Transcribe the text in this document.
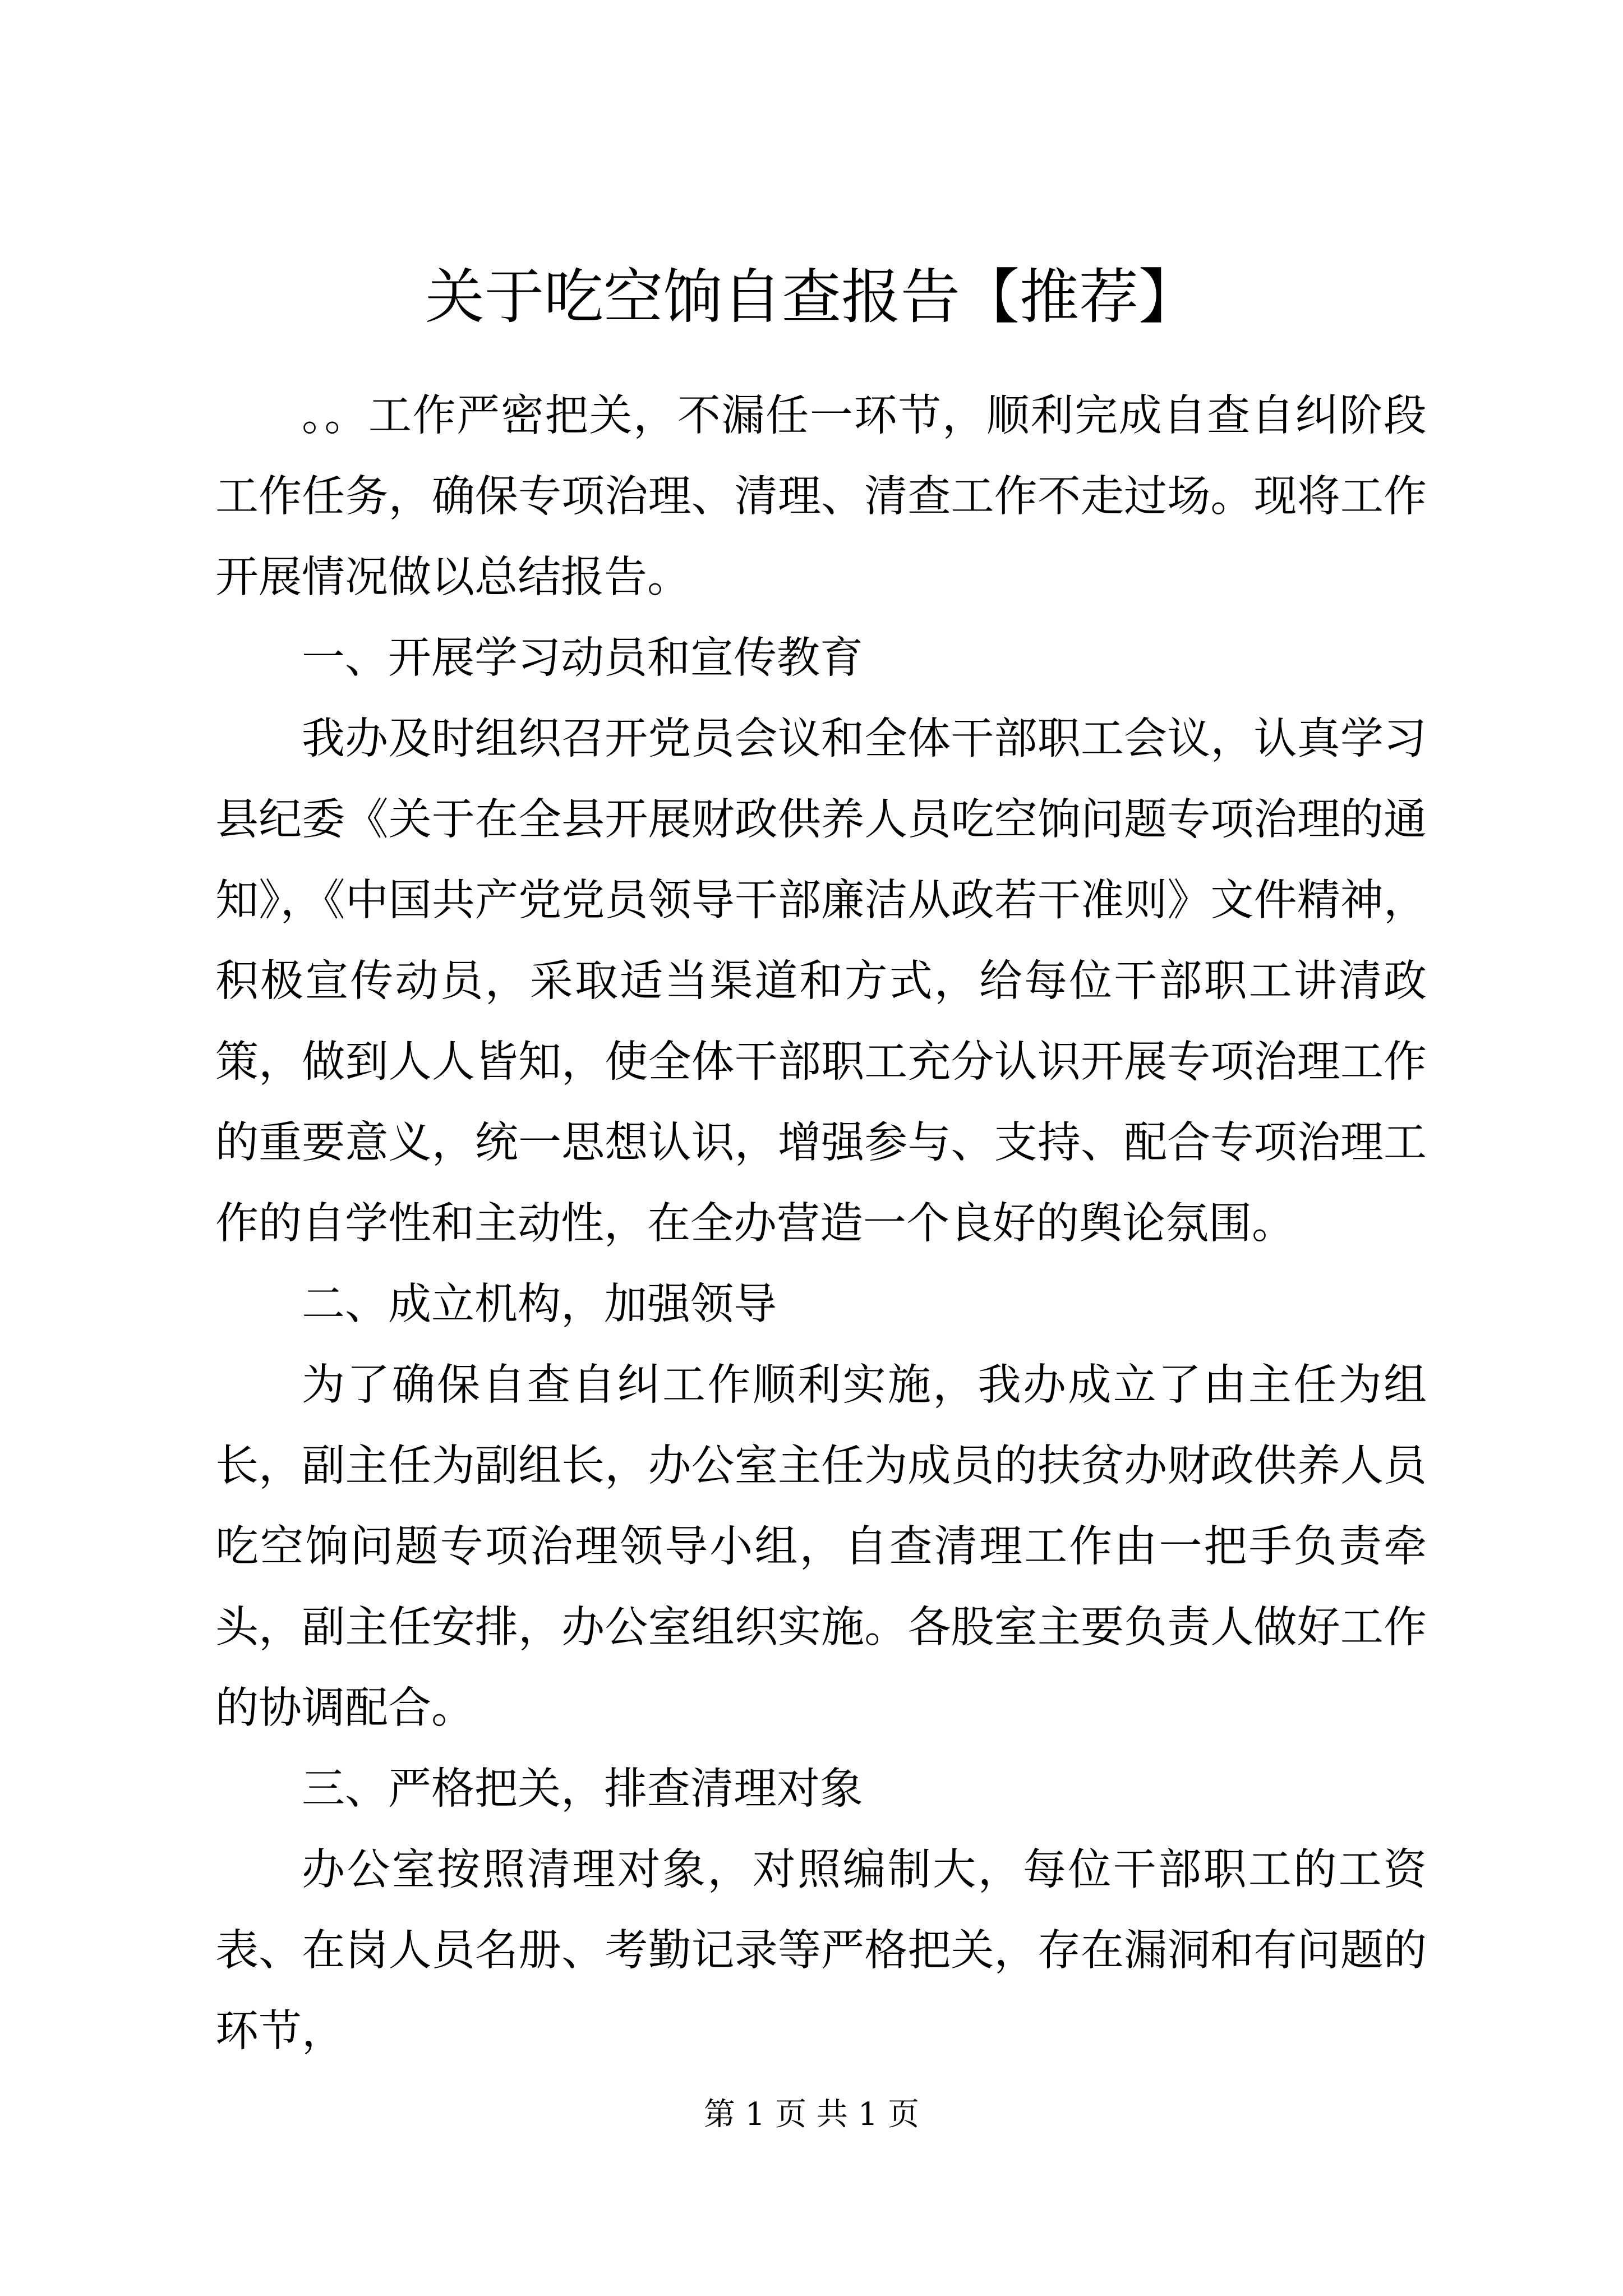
关于吃空饷自查报告【推荐】

。。工作严密把关，不漏任一环节，顺利完成自查自纠阶段工作任务，确保专项治理、清理、清查工作不走过场。现将工作开展情况做以总结报告。

一、开展学习动员和宣传教育

我办及时组织召开党员会议和全体干部职工会议，认真学习县纪委《关于在全县开展财政供养人员吃空饷问题专项治理的通知》，《中国共产党党员领导干部廉洁从政若干准则》文件精神，积极宣传动员，采取适当渠道和方式，给每位干部职工讲清政策，做到人人皆知，使全体干部职工充分认识开展专项治理工作的重要意义，统一思想认识，增强参与、支持、配合专项治理工作的自学性和主动性，在全办营造一个良好的舆论氛围。

二、成立机构，加强领导

为了确保自查自纠工作顺利实施，我办成立了由主任为组长，副主任为副组长，办公室主任为成员的扶贫办财政供养人员吃空饷问题专项治理领导小组，自查清理工作由一把手负责牵头，副主任安排，办公室组织实施。各股室主要负责人做好工作的协调配合。

三、严格把关，排查清理对象

办公室按照清理对象，对照编制大，每位干部职工的工资表、在岗人员名册、考勤记录等严格把关，存在漏洞和有问题的环节，

第 1 页 共 1 页
